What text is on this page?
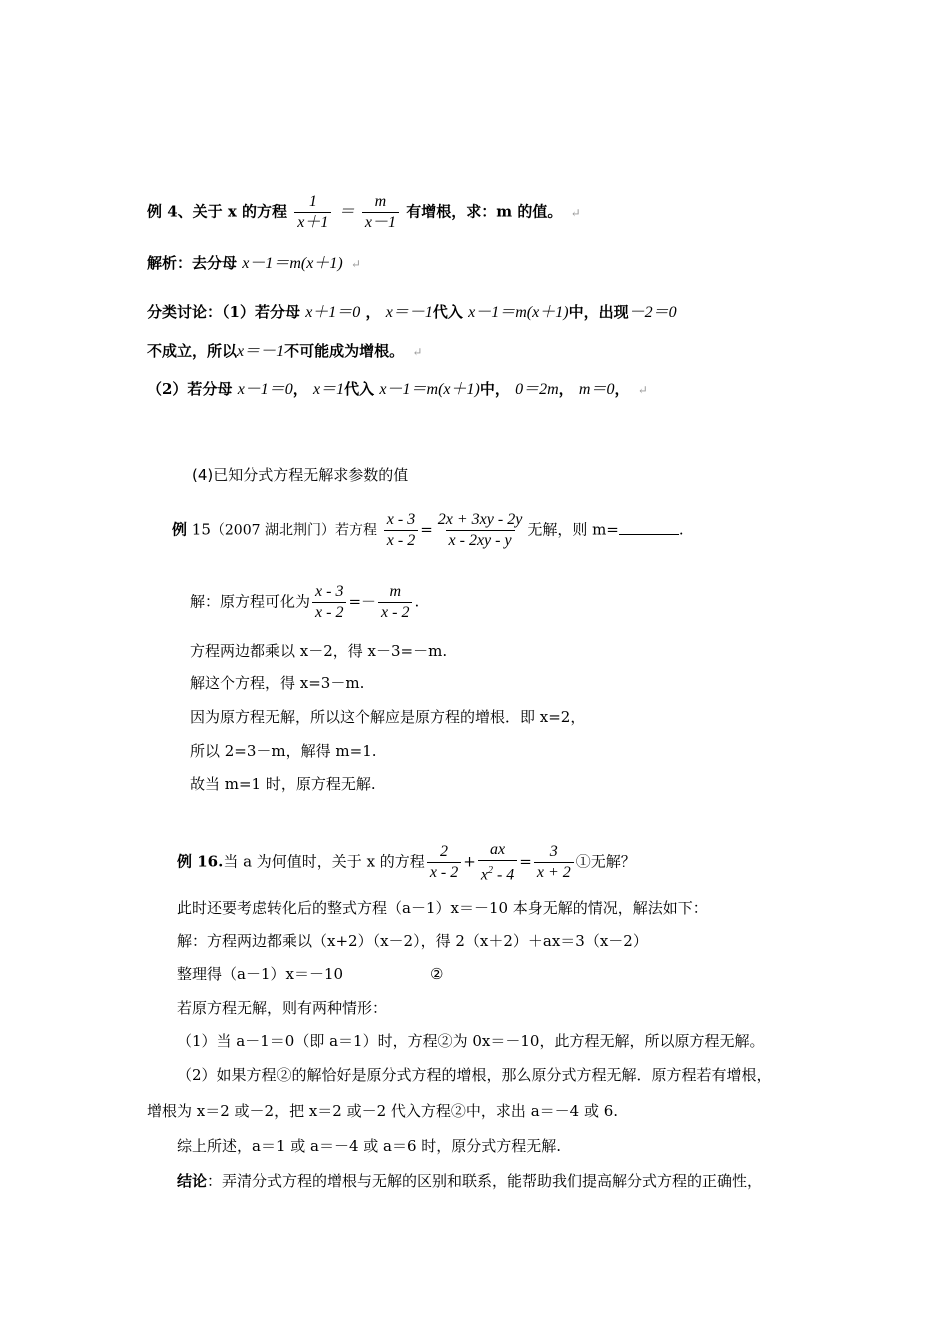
例 4、关于 x 的方程 $\frac{1}{x+1} = \frac{m}{x-1}$ 有增根，求：m 的值。 ↵
解析：去分母 x－1＝m(x＋1) ↵
分类讨论：（1）若分母 x＋1＝0 ， x＝－1代入 x－1＝m(x＋1)中，出现－2＝0
不成立，所以x＝－1不可能成为增根。 ↵
（2）若分母 x－1＝0， x＝1代入 x－1＝m(x＋1)中， 0＝2m， m＝0， ↵
(4)已知分式方程无解求参数的值
例 15（2007 湖北荆门）若方程 $\frac{x - 3}{x - 2} = \frac{2x + 3xy - 2y}{x - 2xy - y}$ 无解，则 m=	.
解：原方程可化为 $\frac{x - 3}{x - 2} =- \frac{m}{x - 2}$ .
方程两边都乘以 x－2，得 x－3=－m.
解这个方程，得 x=3－m.
因为原方程无解，所以这个解应是原方程的增根．即 x=2，
所以 2=3－m，解得 m=1.
故当 m=1 时，原方程无解.
例 16.当 a 为何值时，关于 x 的方程 $\frac{2}{x - 2} + \frac{ax}{x^2 - 4} = \frac{3}{x + 2}$ ①无解？
此时还要考虑转化后的整式方程（a－1）x＝－10 本身无解的情况，解法如下：
解：方程两边都乘以（x+2）（x－2），得 2（x＋2）＋ax＝3（x－2）
整理得（a－1）x＝－10	②
若原方程无解，则有两种情形：
（1）当 a－1＝0（即 a＝1）时，方程②为 0x＝－10，此方程无解，所以原方程无解。
（2）如果方程②的解恰好是原分式方程的增根，那么原分式方程无解．原方程若有增根，
增根为 x＝2 或－2，把 x＝2 或－2 代入方程②中，求出 a＝－4 或 6.
综上所述，a＝1 或 a＝－4 或 a＝6 时，原分式方程无解.
结论：弄清分式方程的增根与无解的区别和联系，能帮助我们提高解分式方程的正确性，
